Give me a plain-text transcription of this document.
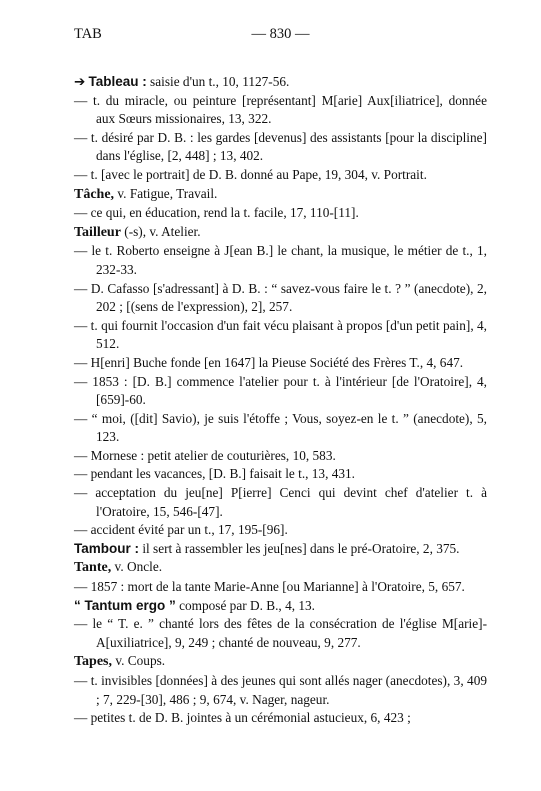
TAB	— 830 —
➔ Tableau : saisie d'un t., 10, 1127-56.
— t. du miracle, ou peinture [représentant] M[arie] Aux[iliatrice], donnée aux Sœurs missionaires, 13, 322.
— t. désiré par D. B. : les gardes [devenus] des assistants [pour la discipline] dans l'église, [2, 448] ; 13, 402.
— t. [avec le portrait] de D. B. donné au Pape, 19, 304, v. Portrait.
Tâche, v. Fatigue, Travail.
— ce qui, en éducation, rend la t. facile, 17, 110-[11].
Tailleur (-s), v. Atelier.
— le t. Roberto enseigne à J[ean B.] le chant, la musique, le métier de t., 1, 232-33.
— D. Cafasso [s'adressant] à D. B. : “ savez-vous faire le t. ? ” (anecdote), 2, 202 ; [(sens de l'expression), 2], 257.
— t. qui fournit l'occasion d'un fait vécu plaisant à propos [d'un petit pain], 4, 512.
— H[enri] Buche fonde [en 1647] la Pieuse Société des Frères T., 4, 647.
— 1853 : [D. B.] commence l'atelier pour t. à l'intérieur [de l'Oratoire], 4, [659]-60.
— “ moi, ([dit] Savio), je suis l'étoffe ; Vous, soyez-en le t. ” (anecdote), 5, 123.
— Mornese : petit atelier de couturières, 10, 583.
— pendant les vacances, [D. B.] faisait le t., 13, 431.
— acceptation du jeu[ne] P[ierre] Cenci qui devint chef d'atelier t. à l'Oratoire, 15, 546-[47].
— accident évité par un t., 17, 195-[96].
Tambour : il sert à rassembler les jeu[nes] dans le pré-Oratoire, 2, 375.
Tante, v. Oncle.
— 1857 : mort de la tante Marie-Anne [ou Marianne] à l'Oratoire, 5, 657.
“ Tantum ergo ” composé par D. B., 4, 13.
— le “ T. e. ” chanté lors des fêtes de la consécration de l'église M[arie]-A[uxiliatrice], 9, 249 ; chanté de nouveau, 9, 277.
Tapes, v. Coups.
— t. invisibles [données] à des jeunes qui sont allés nager (anecdotes), 3, 409 ; 7, 229-[30], 486 ; 9, 674, v. Nager, nageur.
— petites t. de D. B. jointes à un cérémonial astucieux, 6, 423 ;
